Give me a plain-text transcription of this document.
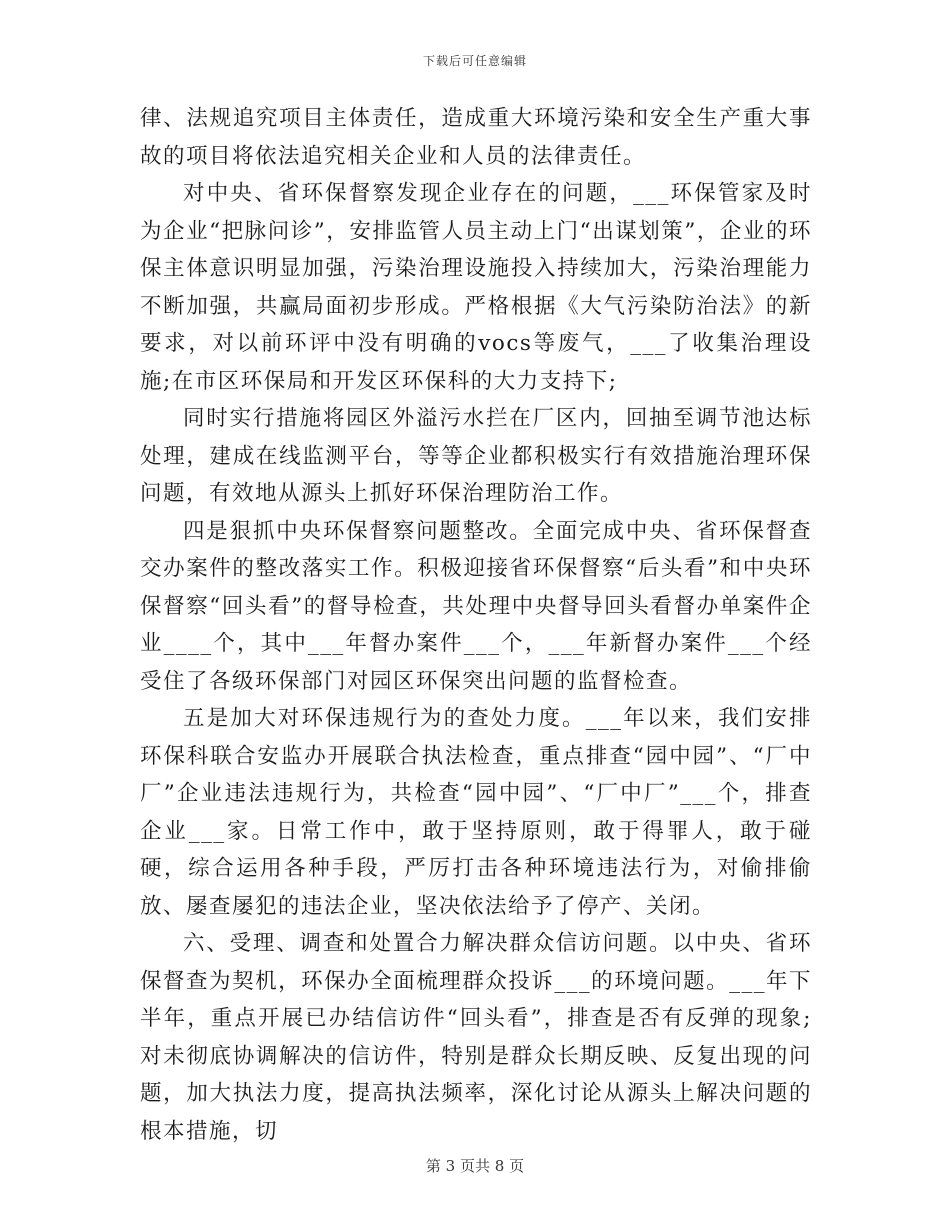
下载后可任意编辑

律、法规追究项目主体责任，造成重大环境污染和安全生产重大事故的项目将依法追究相关企业和人员的法律责任。

对中央、省环保督察发现企业存在的问题，___环保管家及时为企业“把脉问诊”，安排监管人员主动上门“出谋划策”，企业的环保主体意识明显加强，污染治理设施投入持续加大，污染治理能力不断加强，共赢局面初步形成。严格根据《大气污染防治法》的新要求，对以前环评中没有明确的vocs等废气，___了收集治理设施;在市区环保局和开发区环保科的大力支持下;

同时实行措施将园区外溢污水拦在厂区内，回抽至调节池达标处理，建成在线监测平台，等等企业都积极实行有效措施治理环保问题，有效地从源头上抓好环保治理防治工作。

四是狠抓中央环保督察问题整改。全面完成中央、省环保督查交办案件的整改落实工作。积极迎接省环保督察“后头看”和中央环保督察“回头看”的督导检查，共处理中央督导回头看督办单案件企业____个，其中___年督办案件___个，___年新督办案件___个经受住了各级环保部门对园区环保突出问题的监督检查。

五是加大对环保违规行为的查处力度。___年以来，我们安排环保科联合安监办开展联合执法检查，重点排查“园中园”、“厂中厂”企业违法违规行为，共检查“园中园”、“厂中厂”___个，排查企业___家。日常工作中，敢于坚持原则，敢于得罪人，敢于碰硬，综合运用各种手段，严厉打击各种环境违法行为，对偷排偷放、屡查屡犯的违法企业，坚决依法给予了停产、关闭。

六、受理、调查和处置合力解决群众信访问题。以中央、省环保督查为契机，环保办全面梳理群众投诉___的环境问题。___年下半年，重点开展已办结信访件“回头看”，排查是否有反弹的现象;对未彻底协调解决的信访件，特别是群众长期反映、反复出现的问题，加大执法力度，提高执法频率，深化讨论从源头上解决问题的根本措施，切

第 3 页共 8 页
